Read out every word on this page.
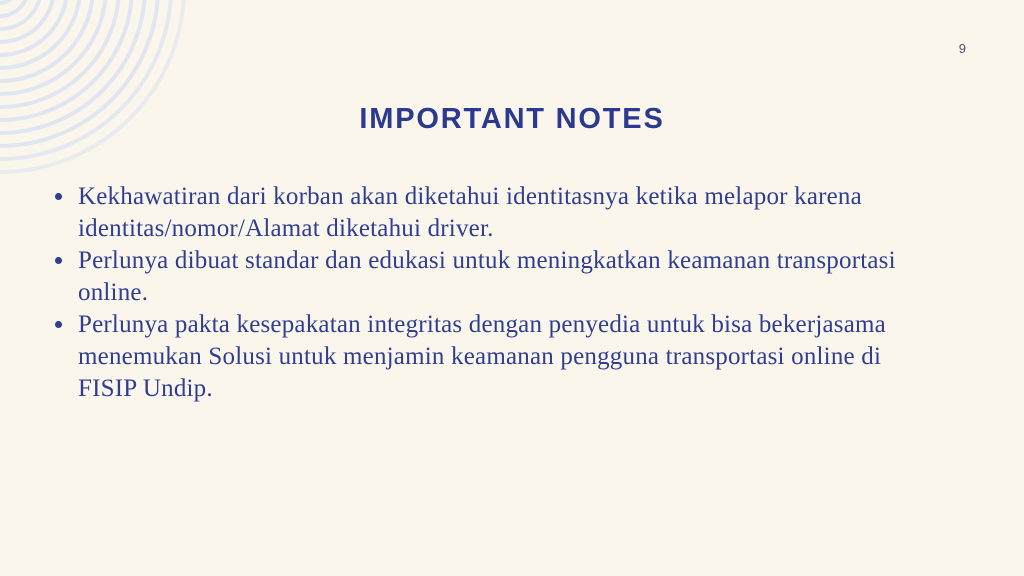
9
IMPORTANT NOTES
Kekhawatiran dari korban akan diketahui identitasnya ketika melapor karena
identitas/nomor/Alamat diketahui driver.
Perlunya dibuat standar dan edukasi untuk meningkatkan keamanan transportasi
online.
Perlunya pakta kesepakatan integritas dengan penyedia untuk bisa bekerjasama
menemukan Solusi untuk menjamin keamanan pengguna transportasi online di
FISIP Undip.
